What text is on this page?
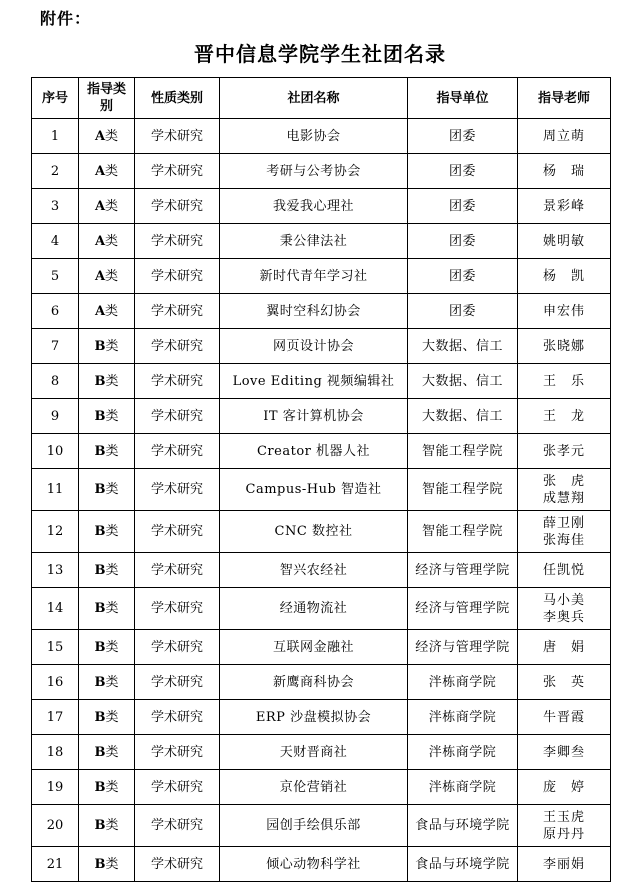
附件：
晋中信息学院学生社团名录
序号	指导类别	性质类别	社团名称	指导单位	指导老师
1	A类	学术研究	电影协会	团委	周立萌

2	A类	学术研究	考研与公考协会	团委	杨　瑞

3	A类	学术研究	我爱我心理社	团委	景彩峰

4	A类	学术研究	秉公律法社	团委	姚明敏

5	A类	学术研究	新时代青年学习社	团委	杨　凯

6	A类	学术研究	翼时空科幻协会	团委	申宏伟

7	B类	学术研究	网页设计协会	大数据、信工	张晓娜

8	B类	学术研究	Love Editing 视频编辑社	大数据、信工	王　乐

9	B类	学术研究	IT 客计算机协会	大数据、信工	王　龙

10	B类	学术研究	Creator 机器人社	智能工程学院	张孝元

11	B类	学术研究	Campus-Hub 智造社	智能工程学院	张　虎
成慧翔

12	B类	学术研究	CNC 数控社	智能工程学院	薛卫刚
张海佳

13	B类	学术研究	智兴农经社	经济与管理学院	任凯悦

14	B类	学术研究	经通物流社	经济与管理学院	马小美
李奥兵

15	B类	学术研究	互联网金融社	经济与管理学院	唐　娟

16	B类	学术研究	新鹰商科协会	泮栋商学院	张　英

17	B类	学术研究	ERP 沙盘模拟协会	泮栋商学院	牛晋霞

18	B类	学术研究	天财晋商社	泮栋商学院	李卿叁

19	B类	学术研究	京伦营销社	泮栋商学院	庞　婷

20	B类	学术研究	园创手绘俱乐部	食品与环境学院	王玉虎
原丹丹

21	B类	学术研究	倾心动物科学社	食品与环境学院	李丽娟
